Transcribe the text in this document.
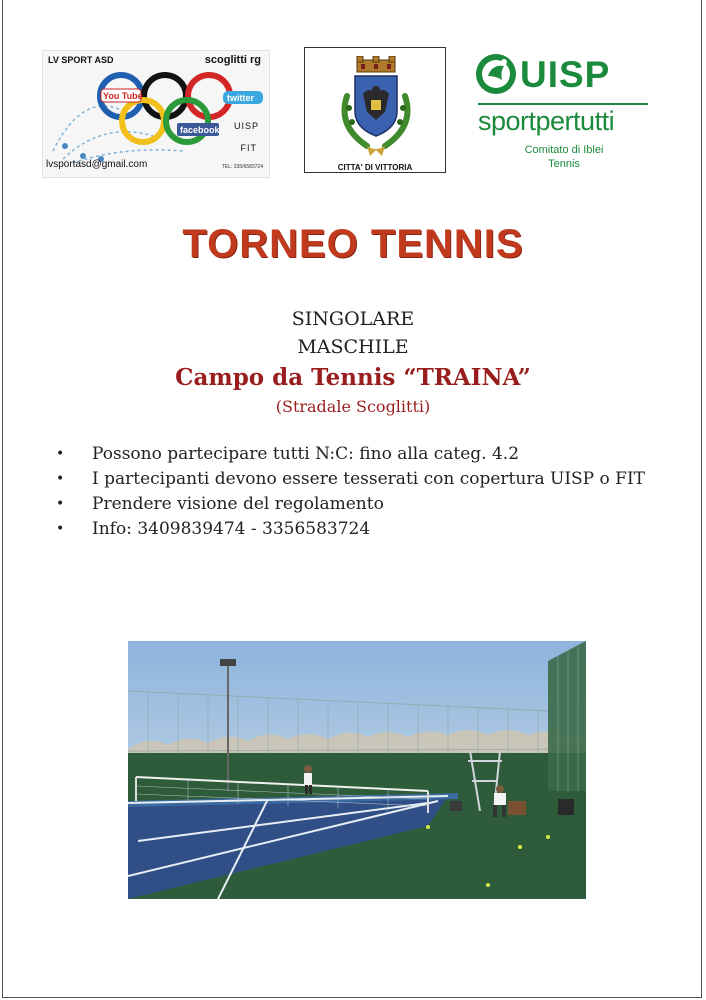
You Tube	twitter
facebook
LV SPORT ASD	scoglitti rg
UISP
FIT
lvsportasd@gmail.com	TEL: 335/6583724	CITTA' DI VITTORIA
UISP
sportpertutti
Comitato di Iblei
Tennis
TORNEO TENNIS
SINGOLARE
MASCHILE
Campo da Tennis “TRAINA”
(Stradale Scoglitti)
• Possono partecipare tutti N:C: fino alla categ. 4.2
• I partecipanti devono essere tesserati con copertura UISP o FIT
• Prendere visione del regolamento
• Info: 3409839474 - 3356583724
